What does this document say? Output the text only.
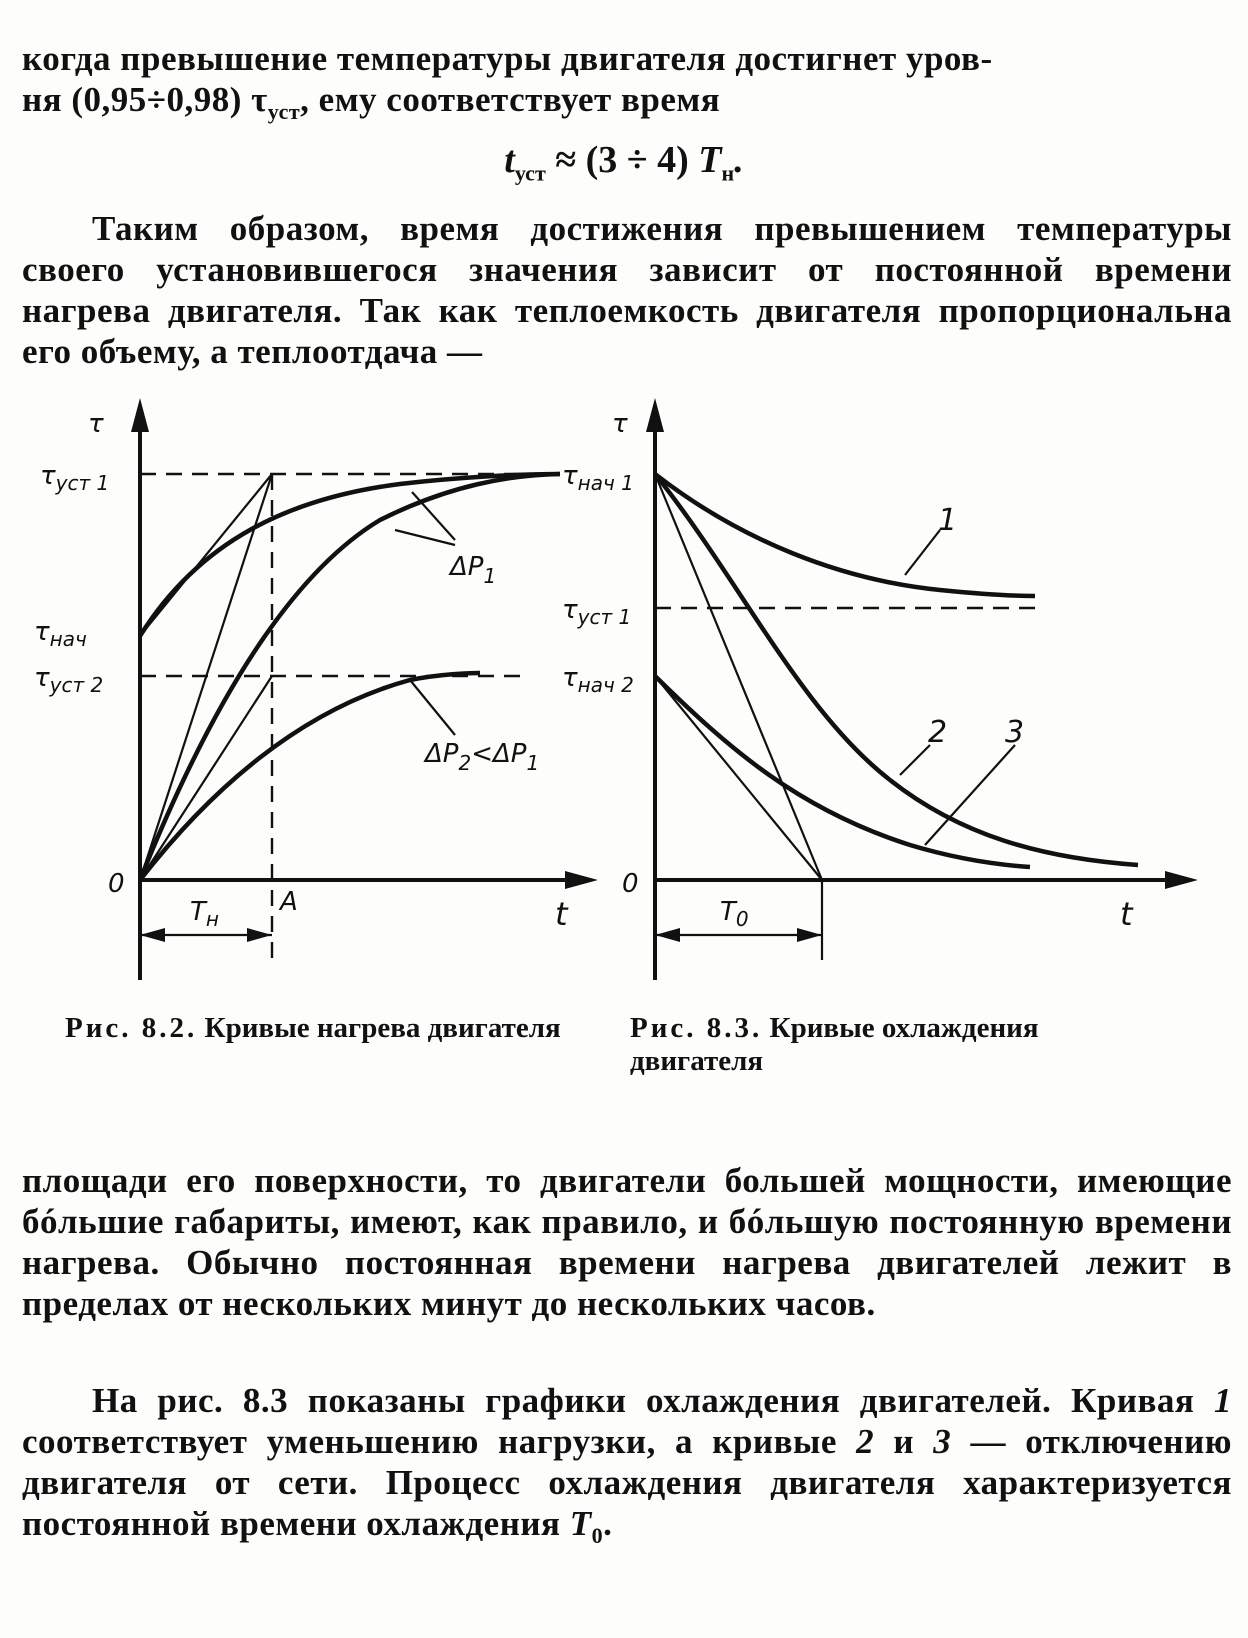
когда превышение температуры двигателя достигнет уров-
ня (0,95÷0,98) $\tau_{уст}$, ему соответствует время
$t_{уст} \approx (3 \div 4)$ $T_н$.
Таким образом, время достижения превышением температуры своего установившегося значения зависит от постоянной времени нагрева двигателя. Так как теплоемкость двигателя пропорциональна его объему, а теплоотдача —
τ
t
0
$\tau_{уст 1}$
$\tau_{нач}$
$\tau_{уст 2}$
$\Delta P_1$
$\Delta P_2<\Delta P_1$
A
$T_н$
Рис. 8.2. Кривые нагрева двигателя
τ
t
0
$\tau_{нач 1}$
$\tau_{уст 1}$
$\tau_{нач 2}$
1
2 3
$T_0$
Рис. 8.3. Кривые охлаждения двигателя
площади его поверхности, то двигатели большей мощности, имеющие бóльшие габариты, имеют, как правило, и бóльшую постоянную времени нагрева. Обычно постоянная времени нагрева двигателей лежит в пределах от нескольких минут до нескольких часов.
На рис. 8.3 показаны графики охлаждения двигателей. Кривая 1 соответствует уменьшению нагрузки, а кривые 2 и 3 — отключению двигателя от сети. Процесс охлаждения двигателя характеризуется постоянной времени охлаждения $T_0$.
